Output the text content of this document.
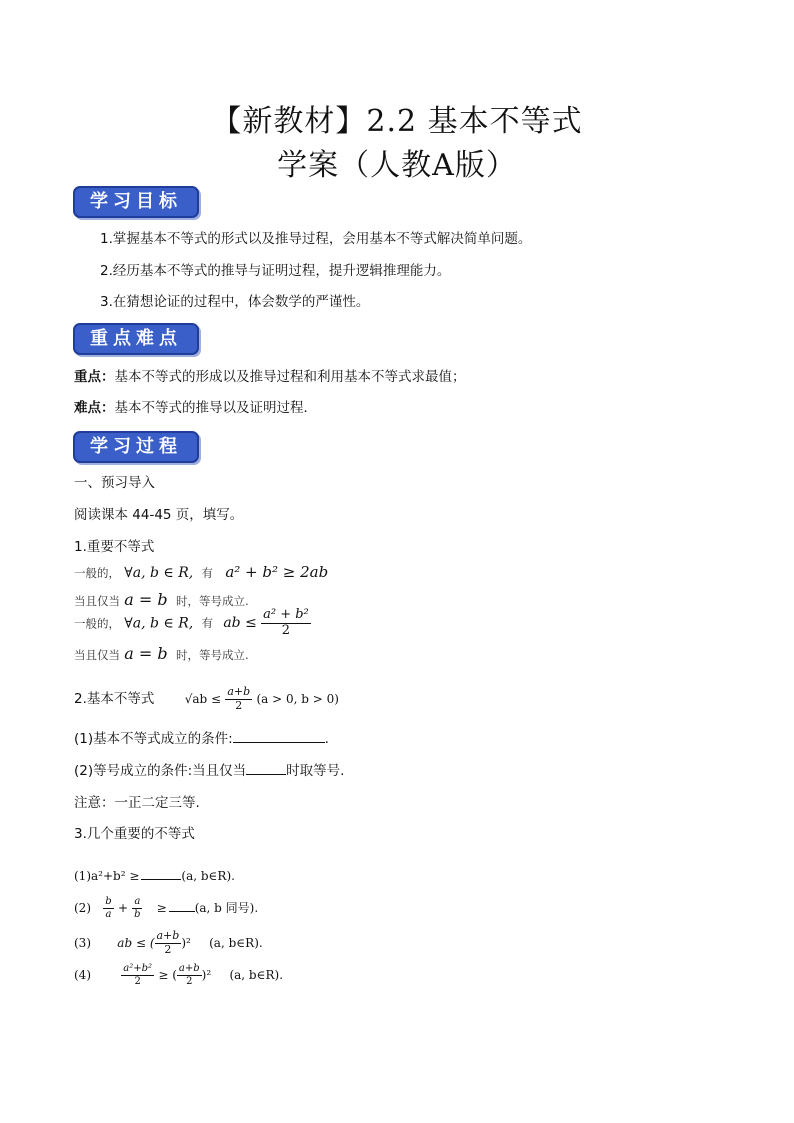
【新教材】2.2 基本不等式
学案（人教A版）
学习目标
1.掌握基本不等式的形式以及推导过程，会用基本不等式解决简单问题。
2.经历基本不等式的推导与证明过程，提升逻辑推理能力。
3.在猜想论证的过程中，体会数学的严谨性。
重点难点
重点：基本不等式的形成以及推导过程和利用基本不等式求最值；
难点：基本不等式的推导以及证明过程．
学习过程
一、预习导入
阅读课本 44-45 页，填写。
1.重要不等式
一般的， ∀a, b ∈ R, 有 a² + b² ≥ 2ab
当且仅当 a = b 时，等号成立.
一般的， ∀a, b ∈ R, 有 ab ≤ $\frac{\text{a² + b²}}{2}$
当且仅当 a = b 时，等号成立.
2.基本不等式	$√ab \le \frac{a+b}{2} (a > 0$, b > 0)
(1)基本不等式成立的条件:	.
(2)等号成立的条件:当且仅当	时取等号.
注意：一正二定三等.
3.几个重要的不等式
(1)a²+b² ≥	(a, b∈R).
$(2) \frac{b}{a} + \frac{a}{b} \ge (a$, b 同号).
(3) ab ≤ ( $\frac{a+b}{2} )^2$ (a, b∈R).
(4)	$\frac{\text{a²+b²}}{2}$ ≥ ( $\frac{a+b}{2} )^2$ (a, b∈R).
